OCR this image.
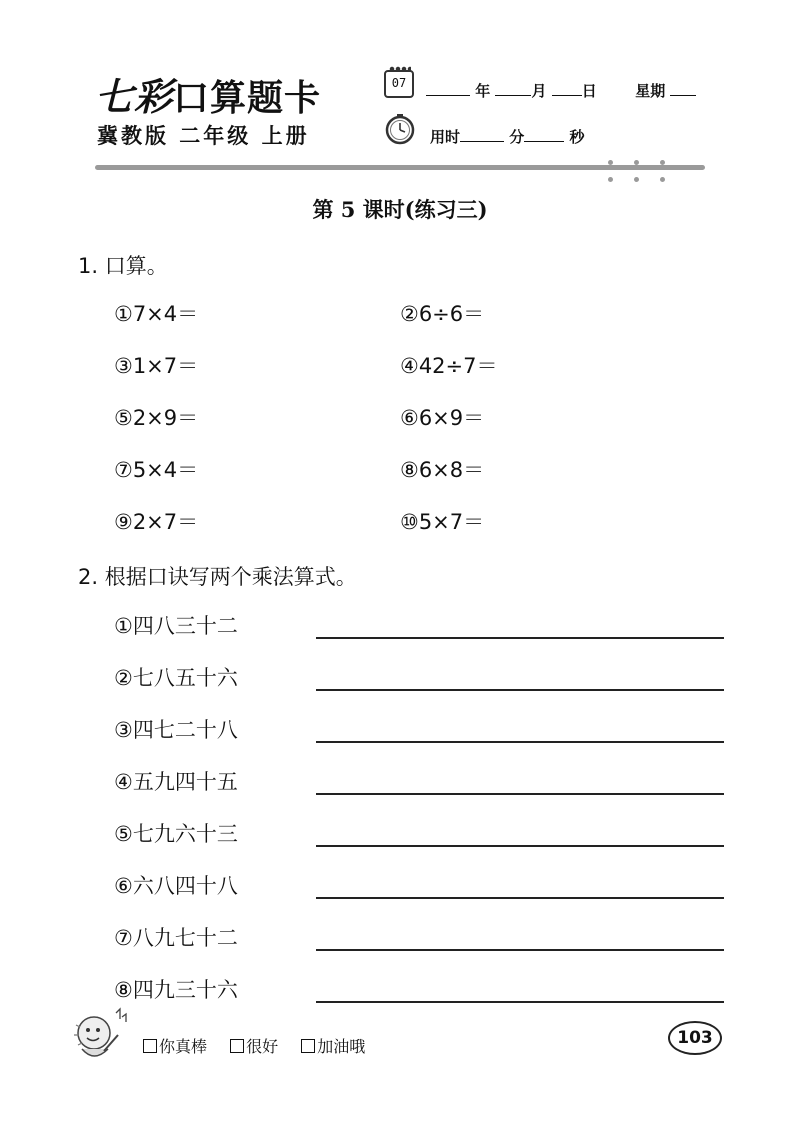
七彩口算题卡
冀教版 二年级 上册
07	年	月 日	星期
用时	分	秒
第 5 课时(练习三)
1. 口算。
①7×4＝	②6÷6＝
③1×7＝	④42÷7＝
⑤2×9＝	⑥6×9＝
⑦5×4＝	⑧6×8＝
⑨2×7＝	⑩5×7＝
2. 根据口诀写两个乘法算式。
①四八三十二
②七八五十六
③四七二十八
④五九四十五
⑤七九六十三
⑥六八四十八
⑦八九七十二
⑧四九三十六
你真棒 很好 加油哦	103
